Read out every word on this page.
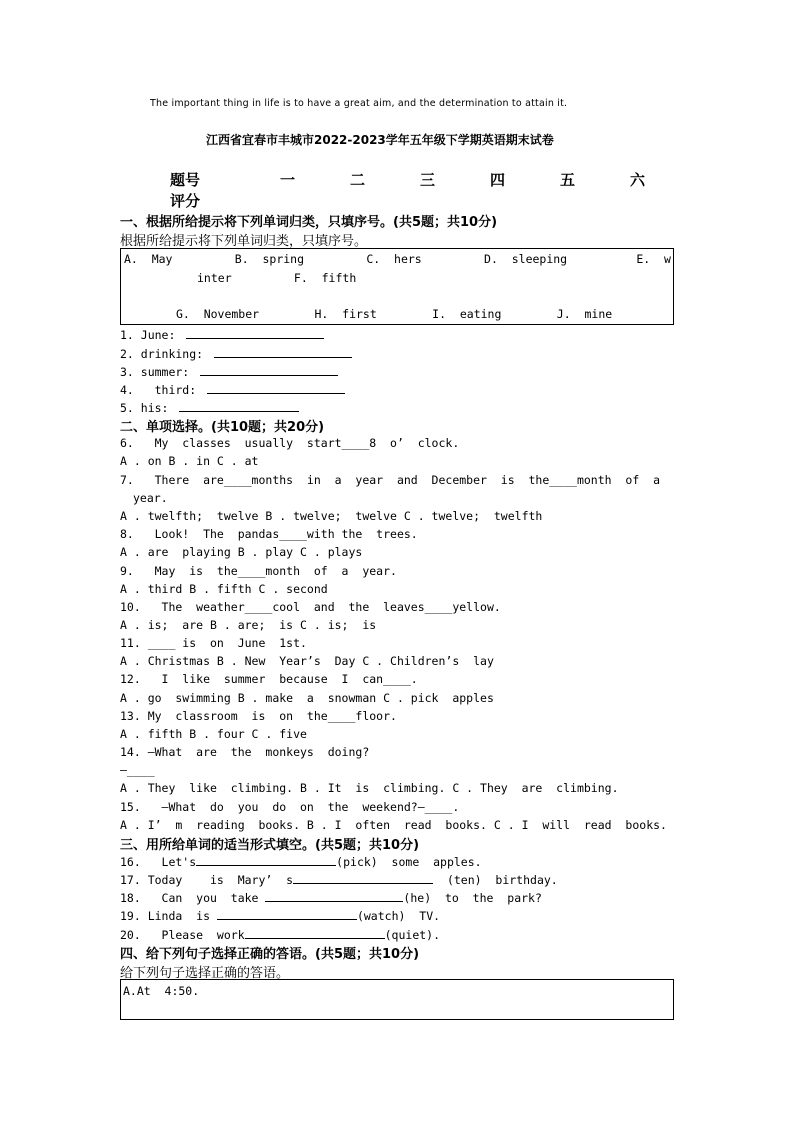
The important thing in life is to have a great aim, and the determination to attain it.
江西省宜春市丰城市2022-2023学年五年级下学期英语期末试卷
题号	一	二	三	四	五	六
评分
一、根据所给提示将下列单词归类，只填序号。(共5题；共10分)
根据所给提示将下列单词归类，只填序号。
A.  May         B.  spring         C.  hers         D.  sleeping          E.  w
inter         F.  fifth
G.  November        H.  first        I.  eating        J.  mine
1. June:
2. drinking:
3. summer:
4.   third:
5. his:
二、单项选择。(共10题；共20分)
6.   My  classes  usually  start____8  o’  clock.
A . on B . in C . at
7.   There  are____months  in  a  year  and  December  is  the____month  of  a
year.
A . twelfth;  twelve B . twelve;  twelve C . twelve;  twelfth
8.   Look!  The  pandas____with the  trees.
A . are  playing B . play C . plays
9.   May  is  the____month  of  a  year.
A . third B . fifth C . second
10.   The  weather____cool  and  the  leaves____yellow.
A . is;  are B . are;  is C . is;  is
11. ____ is  on  June  1st.
A . Christmas B . New  Year’s  Day C . Children’s  lay
12.   I  like  summer  because  I  can____.
A . go  swimming B . make  a  snowman C . pick  apples
13. My  classroom  is  on  the____floor.
A . fifth B . four C . five
14. —What  are  the  monkeys  doing?
—____
A . They  like  climbing. B . It  is  climbing. C . They  are  climbing.
15.   —What  do  you  do  on  the  weekend?—____.
A . I’  m  reading  books. B . I  often  read  books. C . I  will  read  books.
三、用所给单词的适当形式填空。(共5题；共10分)
16.   Let's	(pick)  some  apples.
17. Today    is  Mary’  s	(ten)  birthday.
18.   Can  you  take	(he)  to  the  park?
19. Linda  is	(watch)  TV.
20.   Please  work	(quiet).
四、给下列句子选择正确的答语。(共5题；共10分)
给下列句子选择正确的答语。
A.At  4:50.
